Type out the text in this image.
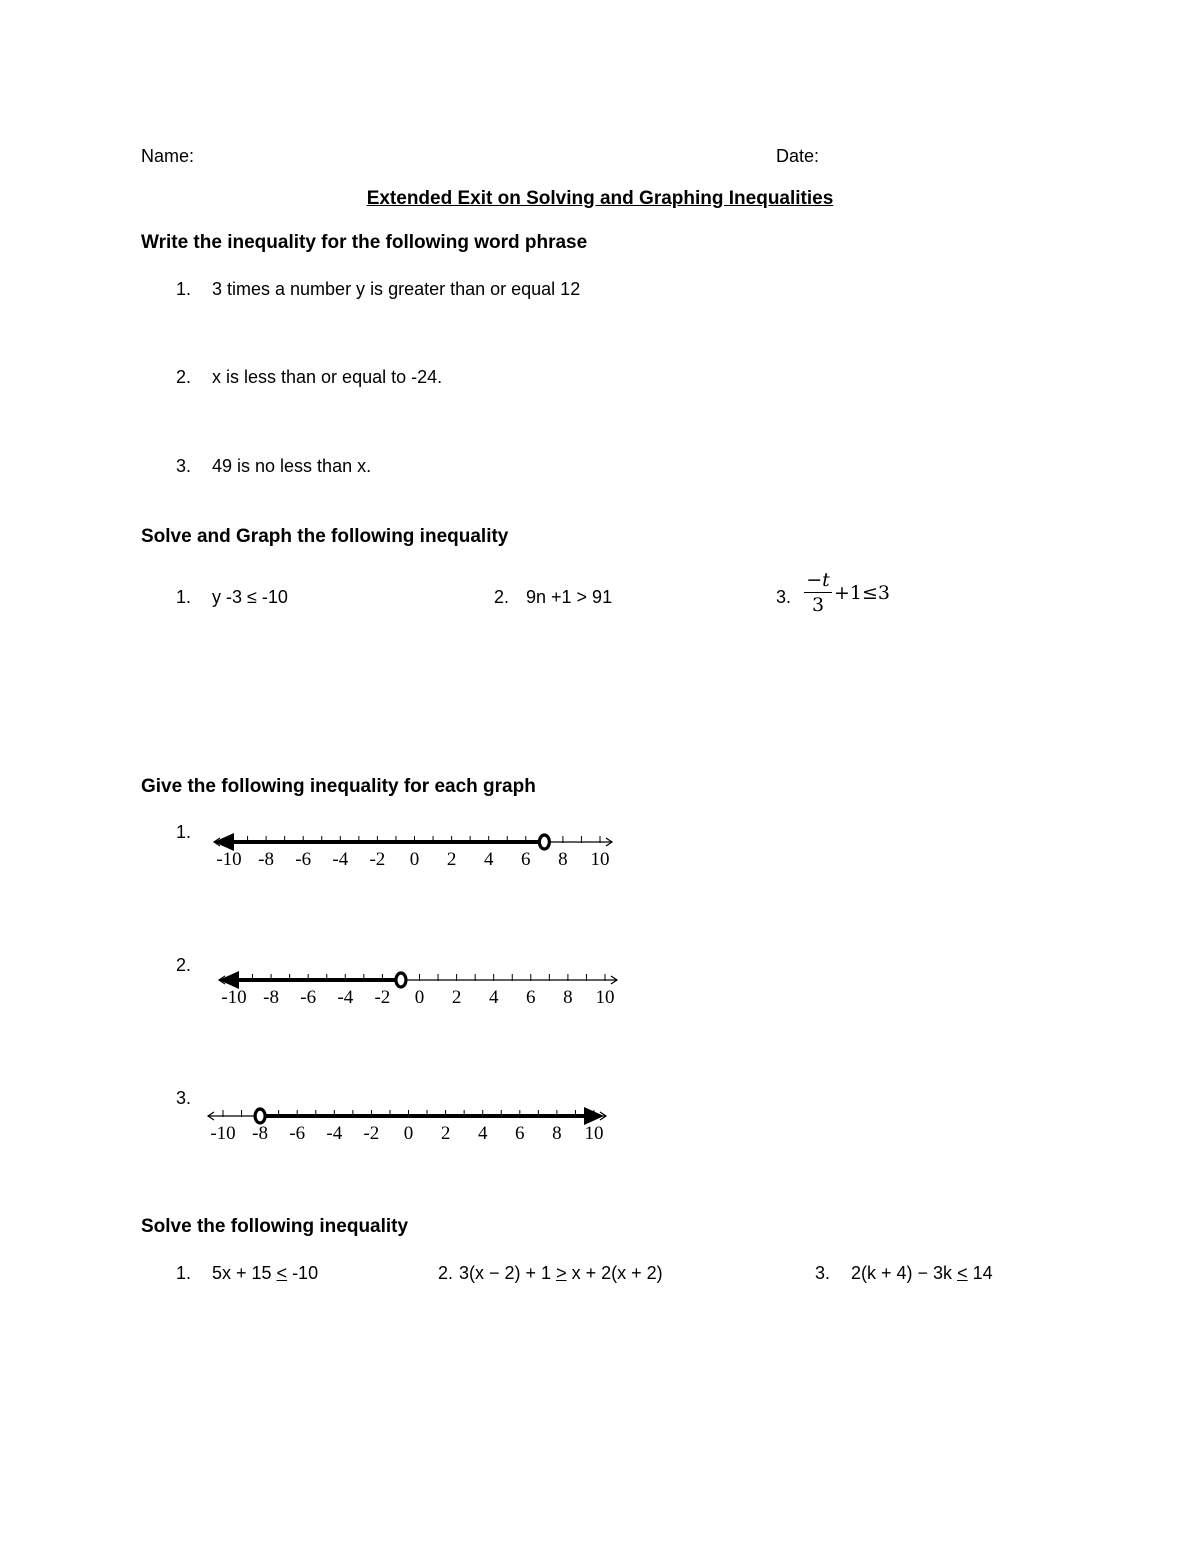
Name:	Date:
Extended Exit on Solving and Graphing Inequalities
Write the inequality for the following word phrase
1. 3 times a number y is greater than or equal 12
2. x is less than or equal to -24.
3. 49 is no less than x.
Solve and Graph the following inequality
1. y -3 ≤ -10	2. 9n +1 > 91	3.
−t
3
+1≤3
Give the following inequality for each graph
1.
-10 -8 -6 -4 -2 0 2 4 6 8 10
2.
-10 -8 -6 -4 -2 0 2 4 6 8 10
3.
-10 -8 -6 -4 -2 0 2 4 6 8 10
Solve the following inequality
1. 5x + 15 < -10	2. 3(x − 2) + 1 > x + 2(x + 2)	3. 2(k + 4) − 3k < 14
